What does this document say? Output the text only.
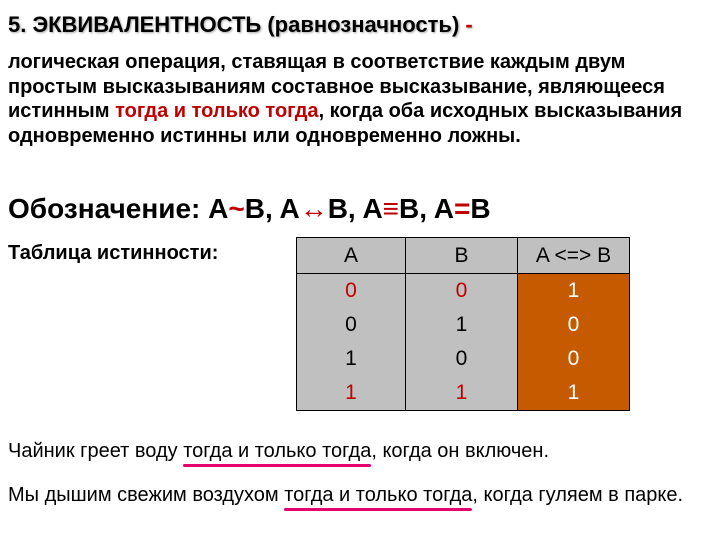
5. ЭКВИВАЛЕНТНОСТЬ (равнозначность) -

логическая операция, ставящая в соответствие каждым двум простым высказываниям составное высказывание, являющееся истинным тогда и только тогда, когда оба исходных высказывания одновременно истинны или одновременно ложны.

Обозначение: A~B, A↔B, A≡B, A=B

Таблица истинности:	A	B	A <=> B
0	0	1
0	1	0
1	0	0
1	1	1

Чайник греет воду тогда и только тогда, когда он включен.

Мы дышим свежим воздухом тогда и только тогда, когда гуляем в парке.
